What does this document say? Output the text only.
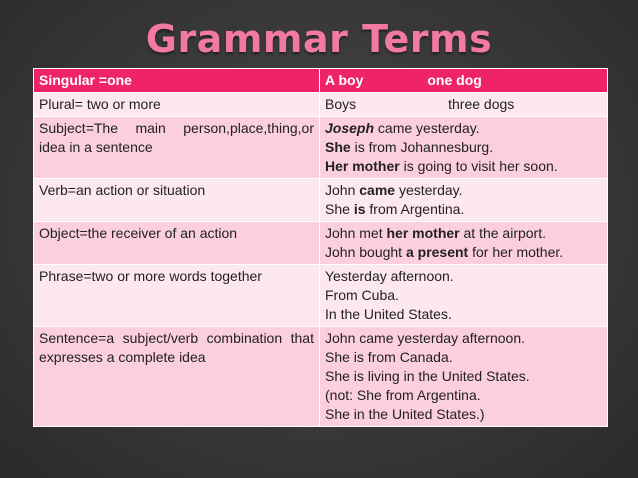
Grammar Terms
Singular =one	A boy one dog
Plural= two or more	Boys three dogs
Subject=The main person,place,thing,or idea in a sentence	Joseph came yesterday.
She is from Johannesburg.
Her mother is going to visit her soon.

Verb=an action or situation	John came yesterday.
She is from Argentina.

Object=the receiver of an action	John met her mother at the airport.
John bought a present for her mother.

Phrase=two or more words together	Yesterday afternoon.
From Cuba.
In the United States.

Sentence=a subject/verb combination that expresses a complete idea	John came yesterday afternoon.
She is from Canada.
She is living in the United States.
(not: She from Argentina.
She in the United States.)
